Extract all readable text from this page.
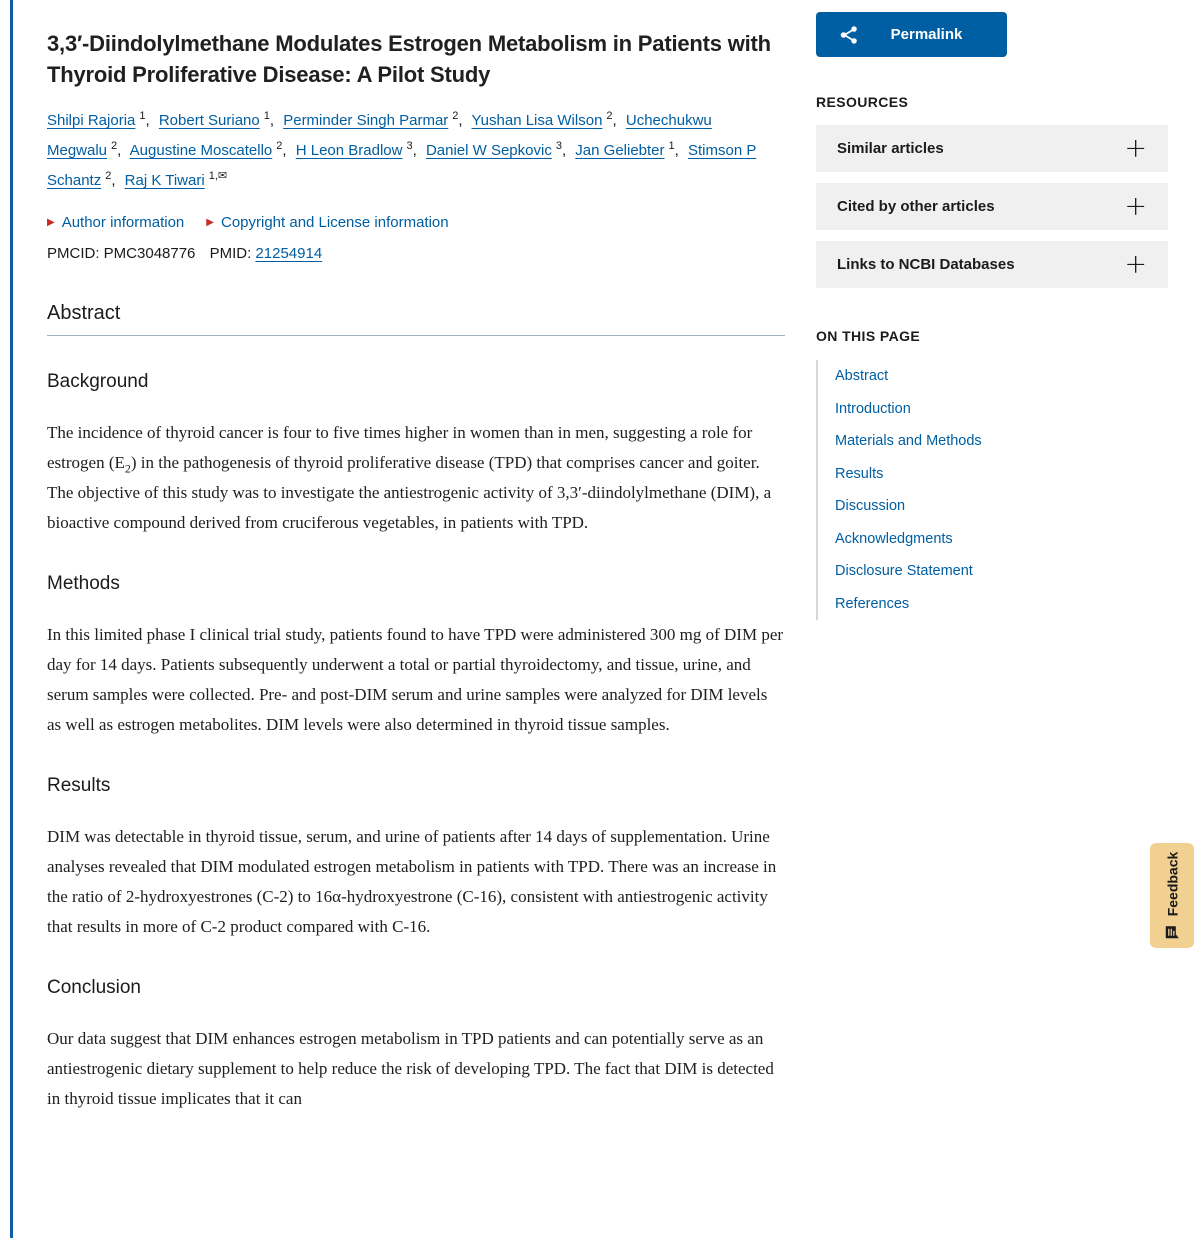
3,3′-Diindolylmethane Modulates Estrogen Metabolism in Patients with Thyroid Proliferative Disease: A Pilot Study
Shilpi Rajoria $^1$, Robert Suriano $^1$, Perminder Singh Parmar $^2$, Yushan Lisa Wilson $^2$, Uchechukwu Megwalu $^2$, Augustine Moscatello $^2$, H Leon Bradlow $^3$, Daniel W Sepkovic $^3$, Jan Geliebter $^1$, Stimson P Schantz $^2$, Raj K Tiwari $^{1,✉}$
▶ Author information ▶ Copyright and License information
PMCID: PMC3048776 PMID: 21254914
Abstract
Background

The incidence of thyroid cancer is four to five times higher in women than in men, suggesting a role for estrogen $(E_2)$ in the pathogenesis of thyroid proliferative disease (TPD) that comprises cancer and goiter. The objective of this study was to investigate the antiestrogenic activity of 3,3′-diindolylmethane (DIM), a bioactive compound derived from cruciferous vegetables, in patients with TPD.

Methods

In this limited phase I clinical trial study, patients found to have TPD were administered 300 mg of DIM per day for 14 days. Patients subsequently underwent a total or partial thyroidectomy, and tissue, urine, and serum samples were collected. Pre- and post-DIM serum and urine samples were analyzed for DIM levels as well as estrogen metabolites. DIM levels were also determined in thyroid tissue samples.

Results

DIM was detectable in thyroid tissue, serum, and urine of patients after 14 days of supplementation. Urine analyses revealed that DIM modulated estrogen metabolism in patients with TPD. There was an increase in the ratio of 2-hydroxyestrones (C-2) to 16α-hydroxyestrone (C-16), consistent with antiestrogenic activity that results in more of C-2 product compared with C-16.

Conclusion

Our data suggest that DIM enhances estrogen metabolism in TPD patients and can potentially serve as an antiestrogenic dietary supplement to help reduce the risk of developing TPD. The fact that DIM is detected in thyroid tissue implicates that it can

Permalink
RESOURCES
Similar articles	+
Cited by other articles	+
Links to NCBI Databases	+
ON THIS PAGE
Abstract
Introduction
Materials and Methods
Results
Discussion
Acknowledgments
Disclosure Statement
References
Feedback
